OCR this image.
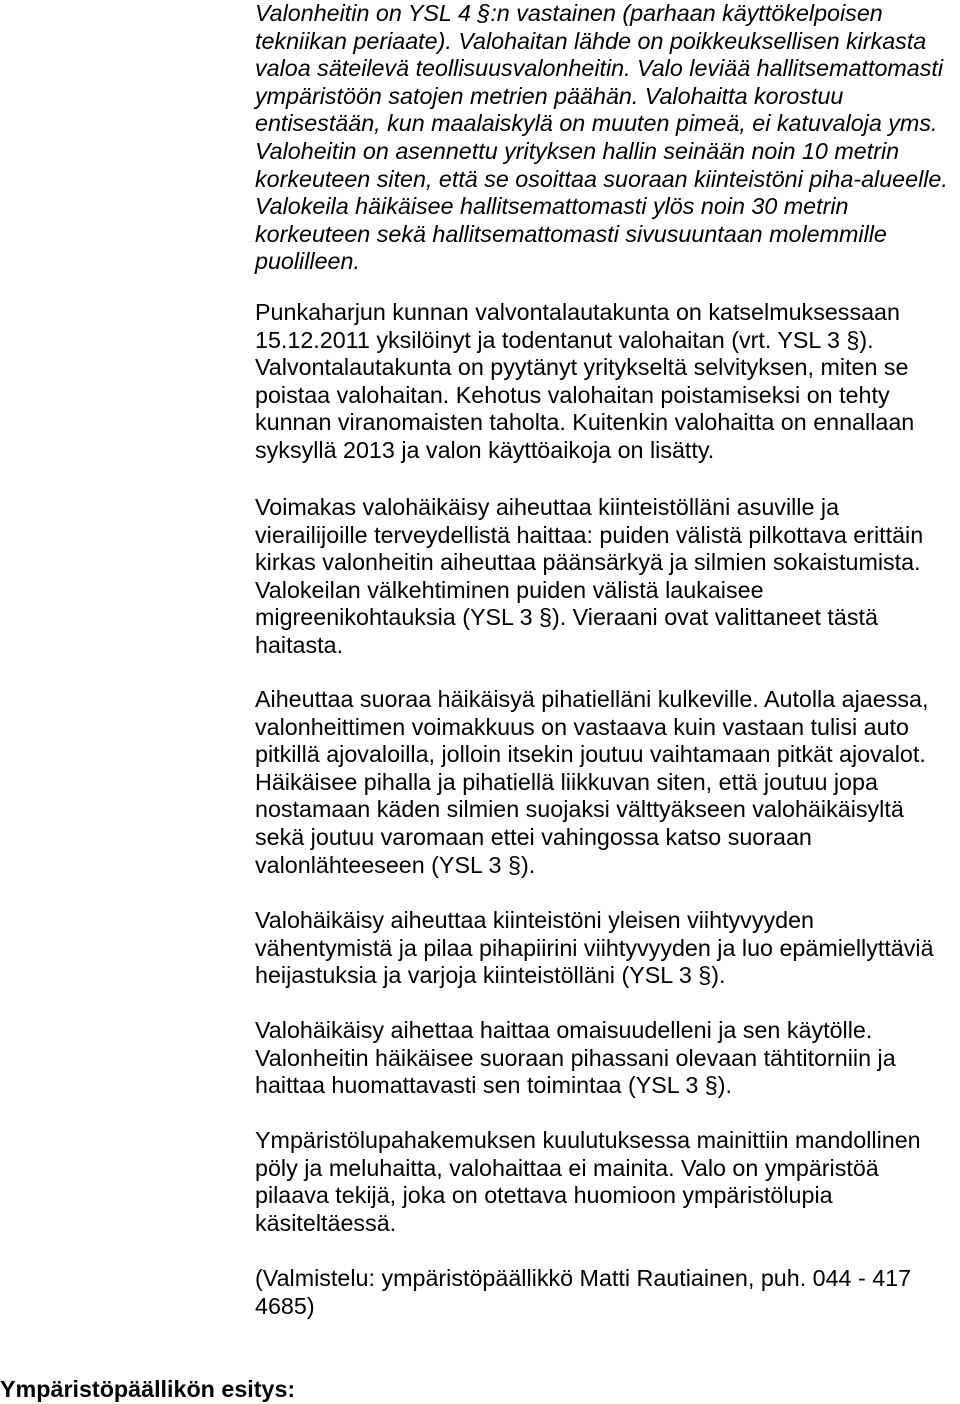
Valonheitin on YSL 4 §:n vastainen (parhaan käyttökelpoisen
tekniikan periaate). Valohaitan lähde on poikkeuksellisen kirkasta
valoa säteilevä teollisuusvalonheitin. Valo leviää hallitsemattomasti
ympäristöön satojen metrien päähän. Valohaitta korostuu
entisestään, kun maalaiskylä on muuten pimeä, ei katuvaloja yms.
Valoheitin on asennettu yrityksen hallin seinään noin 10 metrin
korkeuteen siten, että se osoittaa suoraan kiinteistöni piha-alueelle.
Valokeila häikäisee hallitsemattomasti ylös noin 30 metrin
korkeuteen sekä hallitsemattomasti sivusuuntaan molemmille
puolilleen.
Punkaharjun kunnan valvontalautakunta on katselmuksessaan
15.12.2011 yksilöinyt ja todentanut valohaitan (vrt. YSL 3 §).
Valvontalautakunta on pyytänyt yritykseltä selvityksen, miten se
poistaa valohaitan. Kehotus valohaitan poistamiseksi on tehty
kunnan viranomaisten taholta. Kuitenkin valohaitta on ennallaan
syksyllä 2013 ja valon käyttöaikoja on lisätty.
Voimakas valohäikäisy aiheuttaa kiinteistölläni asuville ja
vierailijoille terveydellistä haittaa: puiden välistä pilkottava erittäin
kirkas valonheitin aiheuttaa päänsärkyä ja silmien sokaistumista.
Valokeilan välkehtiminen puiden välistä laukaisee
migreenikohtauksia (YSL 3 §). Vieraani ovat valittaneet tästä
haitasta.
Aiheuttaa suoraa häikäisyä pihatielläni kulkeville. Autolla ajaessa,
valonheittimen voimakkuus on vastaava kuin vastaan tulisi auto
pitkillä ajovaloilla, jolloin itsekin joutuu vaihtamaan pitkät ajovalot.
Häikäisee pihalla ja pihatiellä liikkuvan siten, että joutuu jopa
nostamaan käden silmien suojaksi välttyäkseen valohäikäisyltä
sekä joutuu varomaan ettei vahingossa katso suoraan
valonlähteeseen (YSL 3 §).
Valohäikäisy aiheuttaa kiinteistöni yleisen viihtyvyyden
vähentymistä ja pilaa pihapiirini viihtyvyyden ja luo epämiellyttäviä
heijastuksia ja varjoja kiinteistölläni (YSL 3 §).
Valohäikäisy aihettaa haittaa omaisuudelleni ja sen käytölle.
Valonheitin häikäisee suoraan pihassani olevaan tähtitorniin ja
haittaa huomattavasti sen toimintaa (YSL 3 §).
Ympäristölupahakemuksen kuulutuksessa mainittiin mandollinen
pöly ja meluhaitta, valohaittaa ei mainita. Valo on ympäristöä
pilaava tekijä, joka on otettava huomioon ympäristölupia
käsiteltäessä.
(Valmistelu: ympäristöpäällikkö Matti Rautiainen, puh. 044 - 417
4685)
Ympäristöpäällikön esitys:
